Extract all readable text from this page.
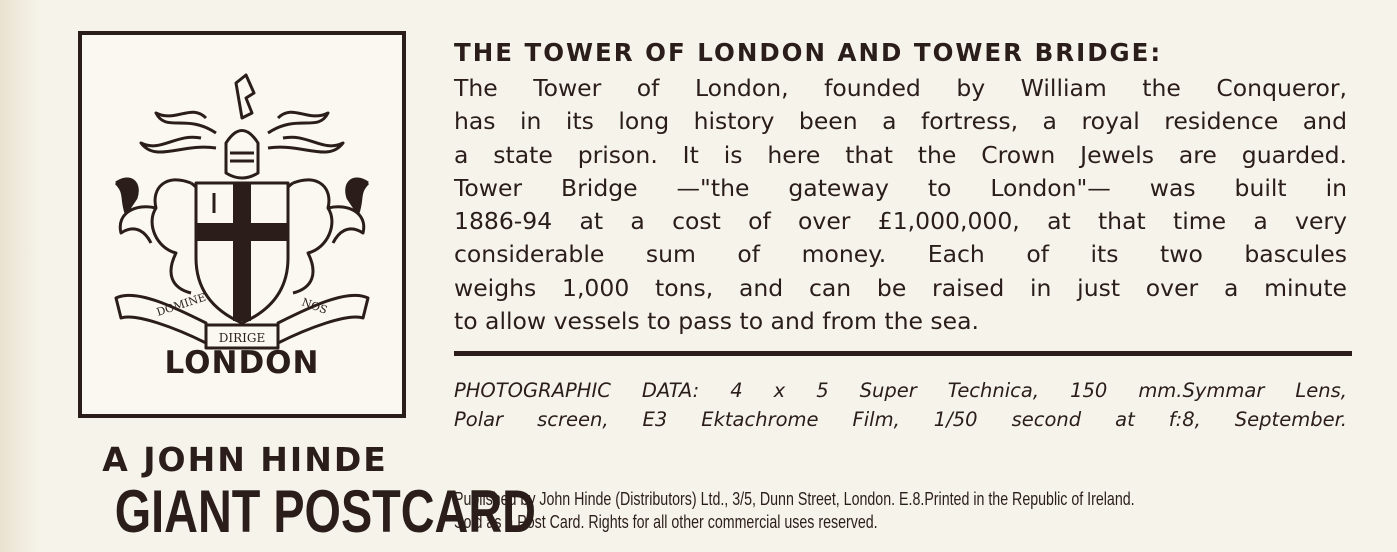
DOMINE
DIRIGE
NOS
LONDON
A JOHN HINDE
GIANT POSTCARD
THE TOWER OF LONDON AND TOWER BRIDGE:
The Tower of London, founded by William the Conqueror,
has in its long history been a fortress, a royal residence and
a state prison. It is here that the Crown Jewels are guarded.
Tower Bridge —"the gateway to London"— was built in
1886-94 at a cost of over £1,000,000, at that time a very
considerable sum of money. Each of its two bascules
weighs 1,000 tons, and can be raised in just over a minute
to allow vessels to pass to and from the sea.
PHOTOGRAPHIC DATA: 4 x 5 Super Technica, 150 mm.Symmar Lens,
Polar screen, E3 Ektachrome Film, 1/50 second at f:8, September.
Published by John Hinde (Distributors) Ltd., 3/5, Dunn Street, London. E.8.Printed in the Republic of Ireland.
Sold as a Post Card. Rights for all other commercial uses reserved.
